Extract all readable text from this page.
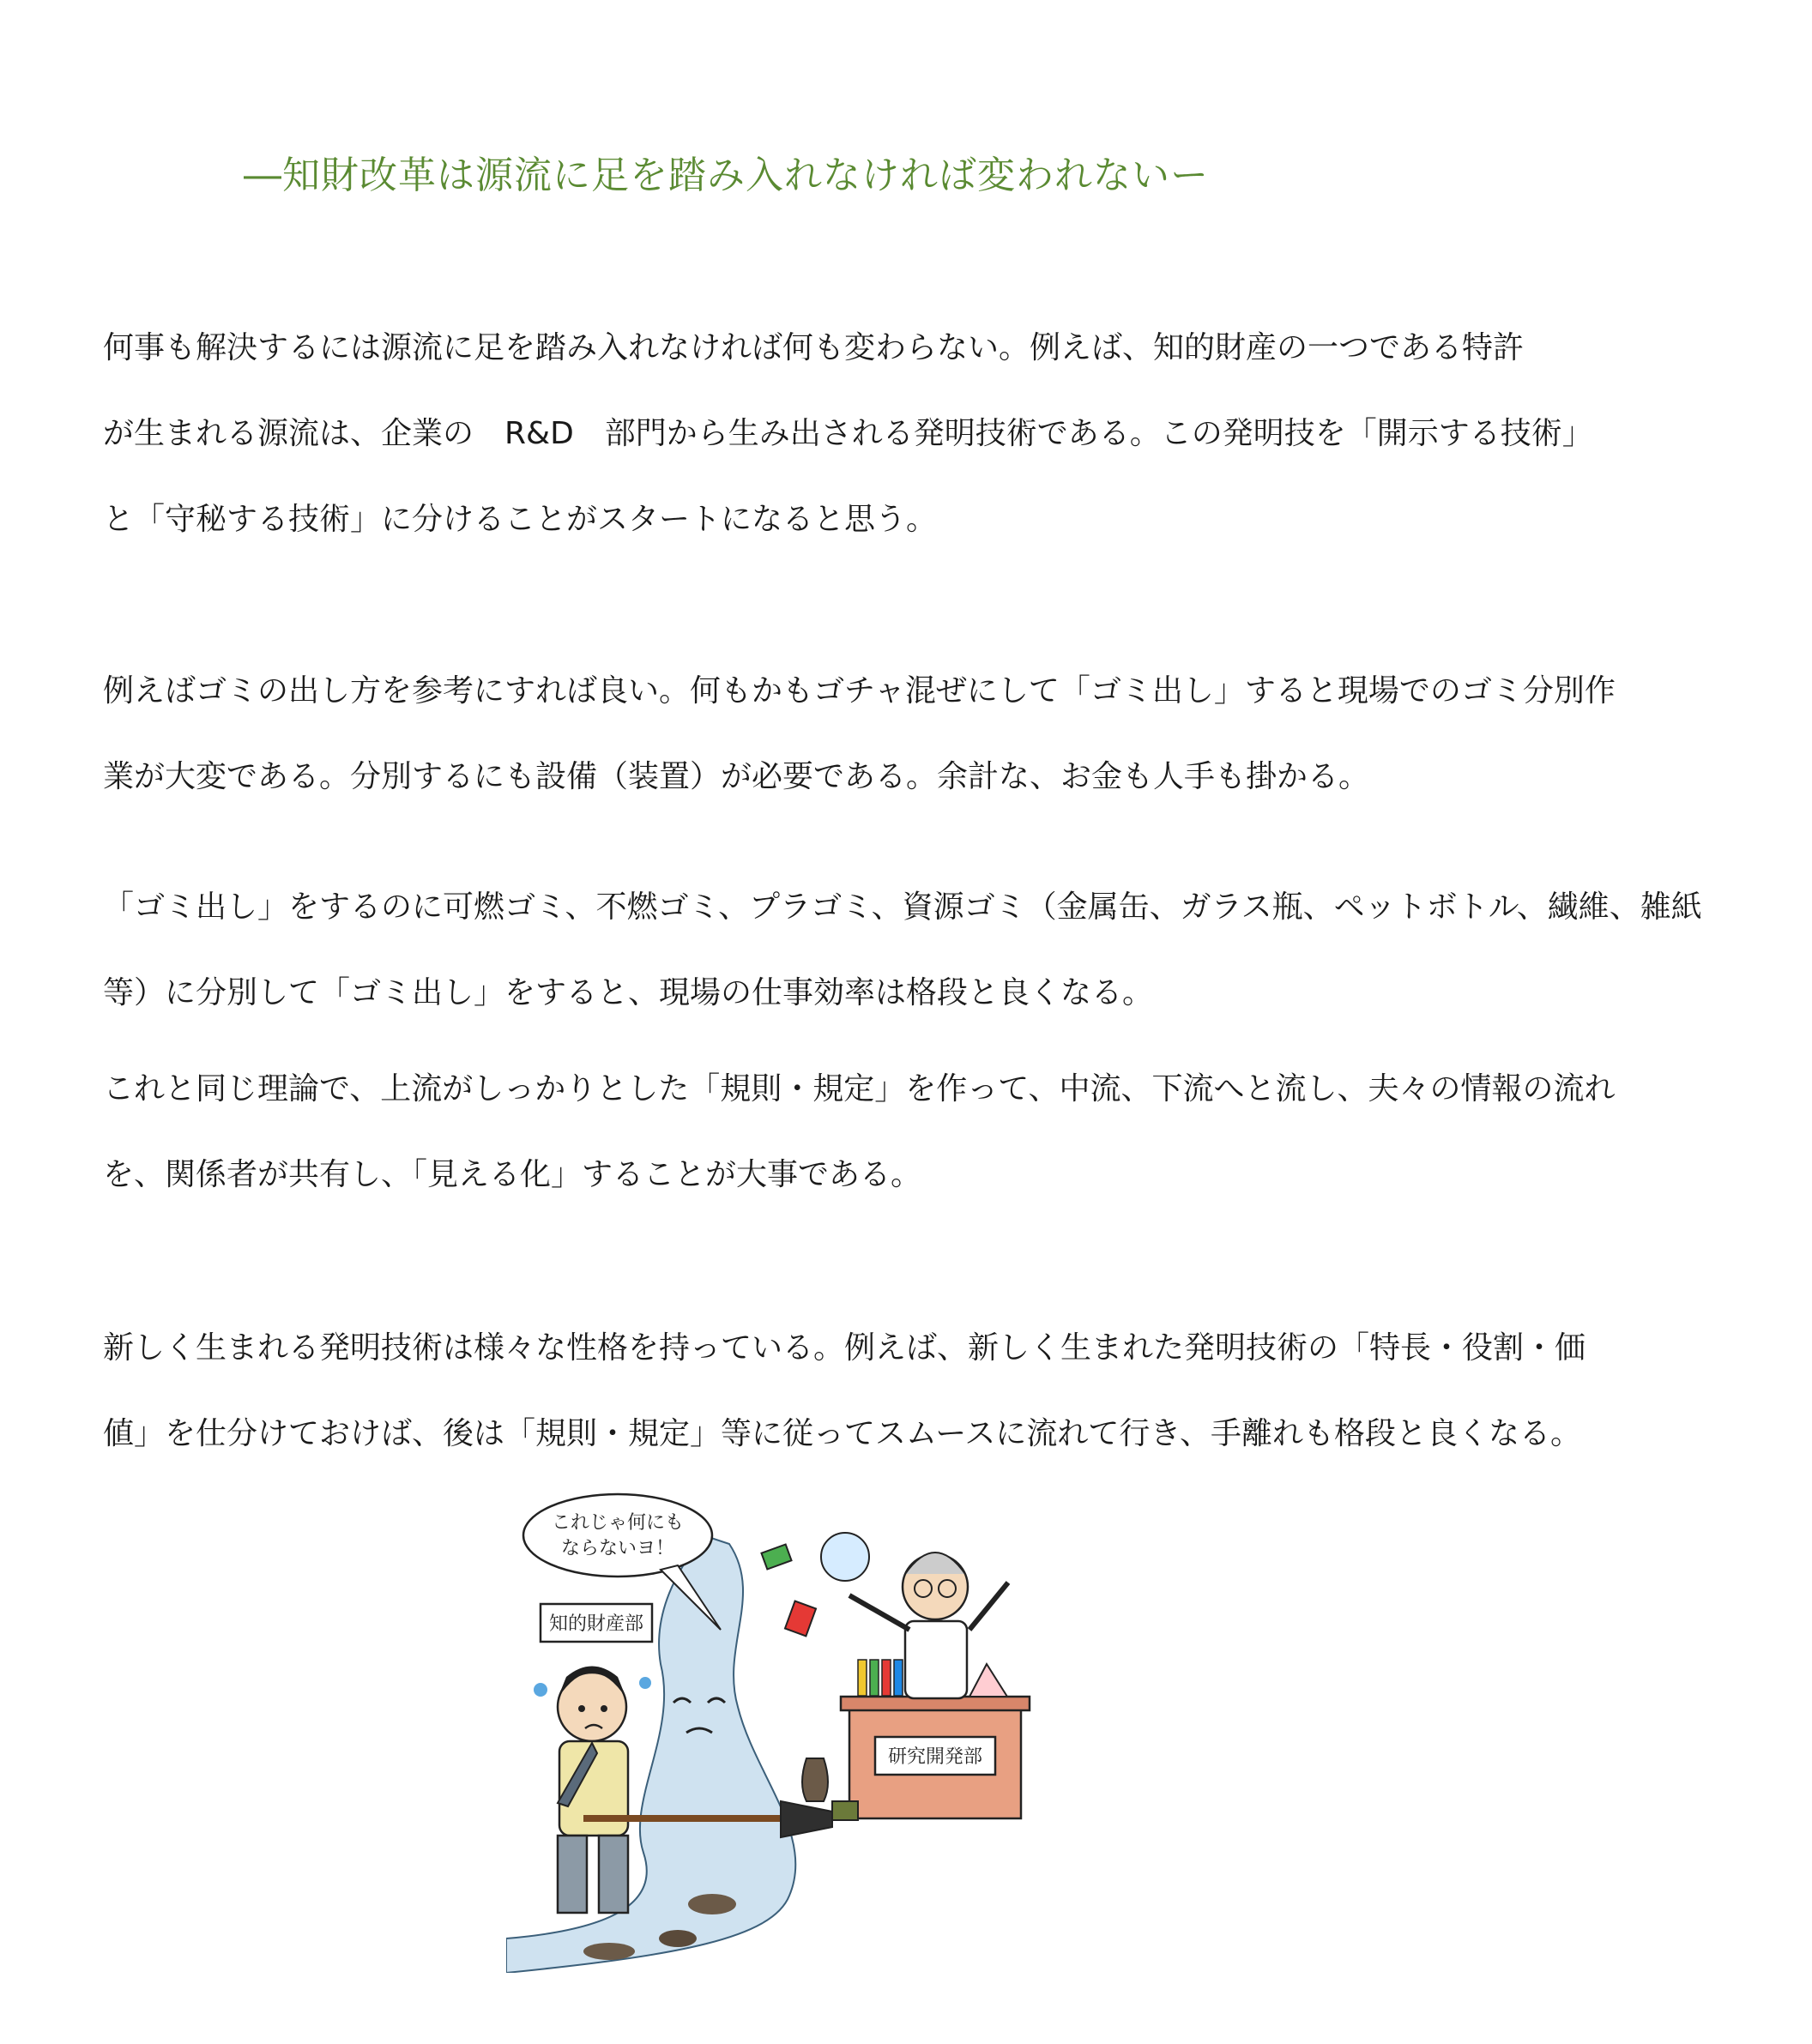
―知財改革は源流に足を踏み入れなければ変われないー
何事も解決するには源流に足を踏み入れなければ何も変わらない。例えば、知的財産の一つである特許
が生まれる源流は、企業の　R&D　部門から生み出される発明技術である。この発明技を「開示する技術」
と「守秘する技術」に分けることがスタートになると思う。
例えばゴミの出し方を参考にすれば良い。何もかもゴチャ混ぜにして「ゴミ出し」すると現場でのゴミ分別作
業が大変である。分別するにも設備（装置）が必要である。余計な、お金も人手も掛かる。
「ゴミ出し」をするのに可燃ゴミ、不燃ゴミ、プラゴミ、資源ゴミ（金属缶、ガラス瓶、ペットボトル、繊維、雑紙
等）に分別して「ゴミ出し」をすると、現場の仕事効率は格段と良くなる。
これと同じ理論で、上流がしっかりとした「規則・規定」を作って、中流、下流へと流し、夫々の情報の流れ
を、関係者が共有し、「見える化」することが大事である。
新しく生まれる発明技術は様々な性格を持っている。例えば、新しく生まれた発明技術の「特長・役割・価
値」を仕分けておけば、後は「規則・規定」等に従ってスムースに流れて行き、手離れも格段と良くなる。
これじゃ何にも
ならないヨ！
知的財産部
研究開発部
